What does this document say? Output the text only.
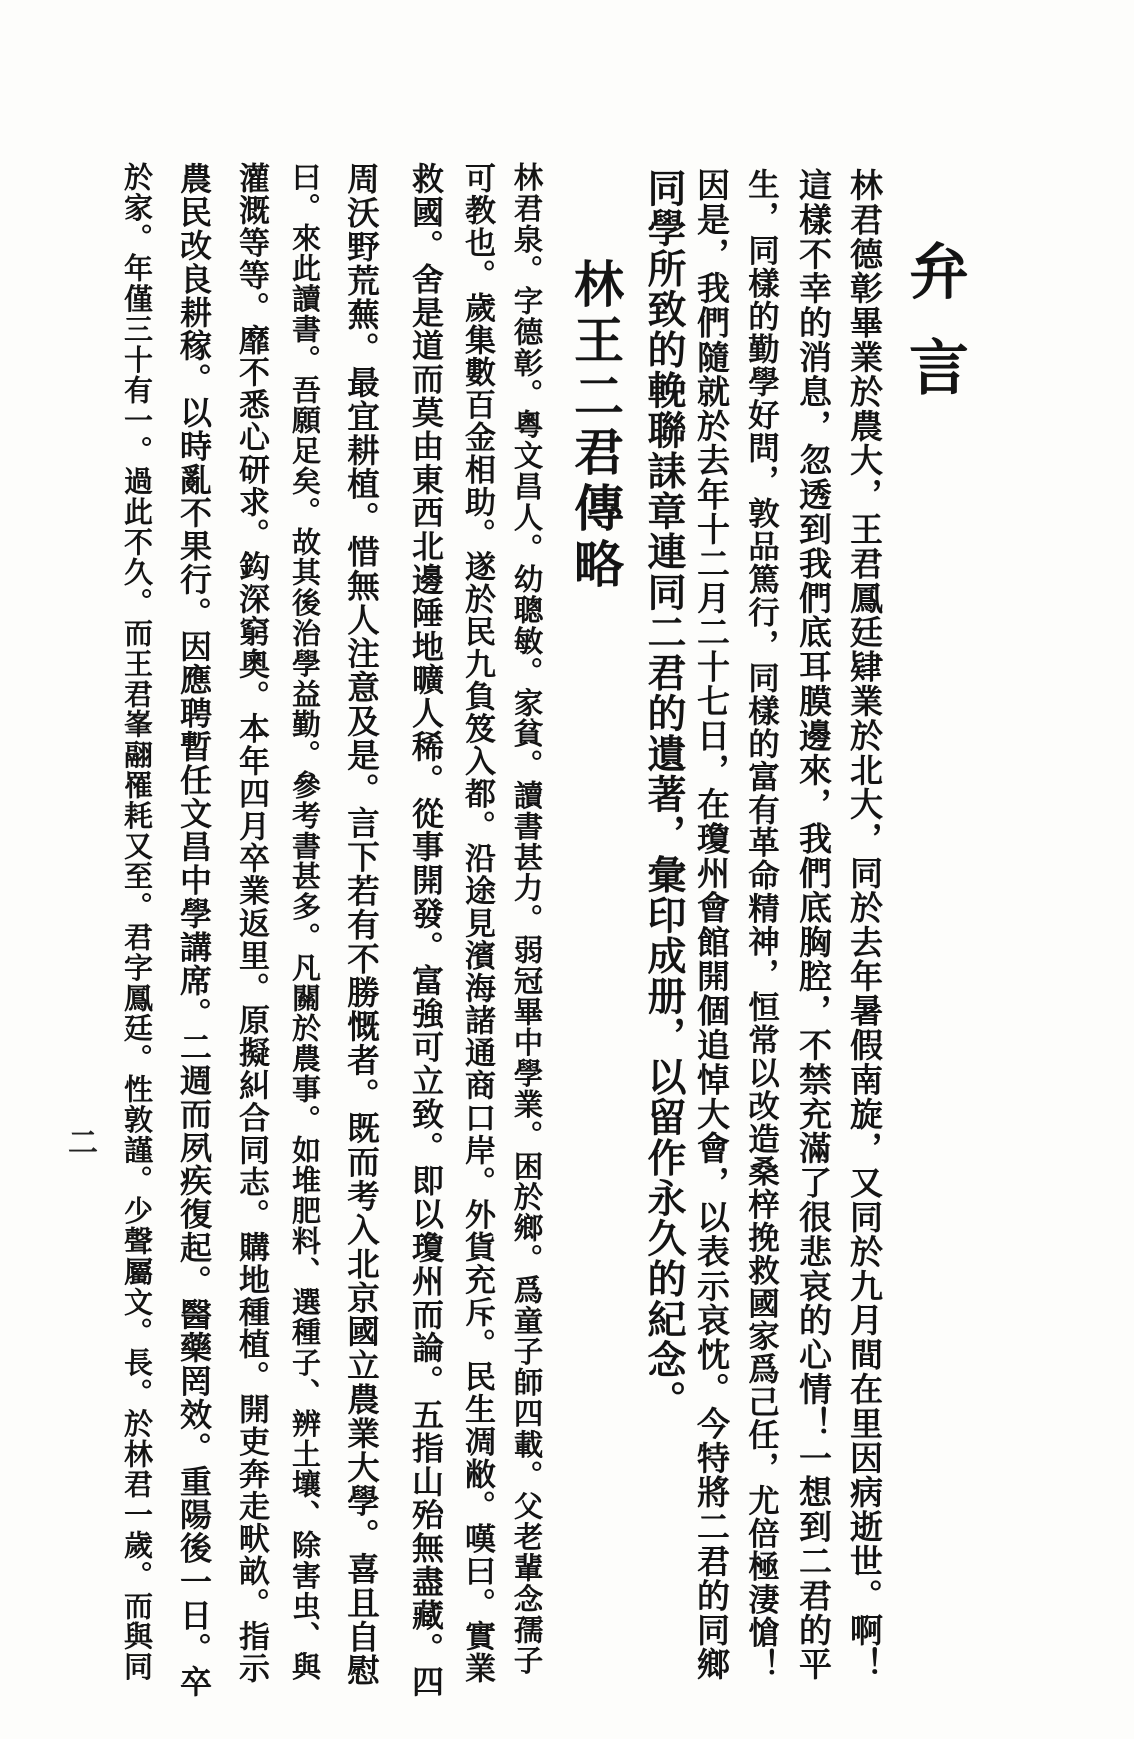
弁言
林君德彰畢業於農大，王君鳳廷肄業於北大，同於去年暑假南旋，又同於九月間在里因病逝世。啊！
這樣不幸的消息，忽透到我們底耳膜邊來，我們底胸腔，不禁充滿了很悲哀的心情！一想到二君的平
生，同樣的勤學好問，敦品篤行，同樣的富有革命精神，恒常以改造桑梓挽救國家爲己任，尤倍極淒愴！
因是，我們隨就於去年十二月二十七日，在瓊州會館開個追悼大會，以表示哀忱。今特將二君的同鄉
同學所致的輓聯誄章連同二君的遺著，彙印成册，以留作永久的紀念。
林王二君傳略
林君泉。字德彰。粵文昌人。幼聰敏。家貧。讀書甚力。弱冠畢中學業。困於鄉。爲童子師四載。父老輩念孺子
可教也。歲集數百金相助。遂於民九負笈入都。沿途見濱海諸通商口岸。外貨充斥。民生凋敝。嘆曰。實業
救國。舍是道而莫由東西北邊陲地曠人稀。從事開發。富強可立致。即以瓊州而論。五指山殆無盡藏。四
周沃野荒蕪。最宜耕植。惜無人注意及是。言下若有不勝慨者。既而考入北京國立農業大學。喜且自慰
曰。來此讀書。吾願足矣。故其後治學益勤。參考書甚多。凡關於農事。如堆肥料、選種子、辨土壤、除害虫、與
灌溉等等。靡不悉心研求。鈎深窮奧。本年四月卒業返里。原擬糾合同志。購地種植。開吏奔走畎畝。指示
農民改良耕稼。以時亂不果行。因應聘暫任文昌中學講席。二週而夙疾復起。醫藥罔效。重陽後一日。卒
於家。年僅三十有一。過此不久。而王君峯翮罹耗又至。君字鳳廷。性敦謹。少聲屬文。長。於林君一歲。而與同
二
